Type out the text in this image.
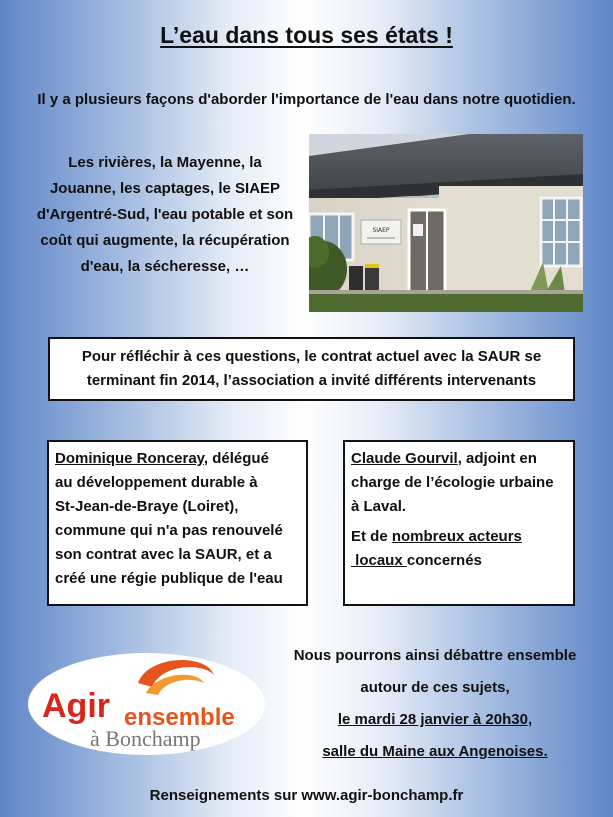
L’eau dans tous ses états !
Il y a plusieurs façons d'aborder l'importance de l'eau dans notre quotidien.
Les rivières, la Mayenne, la
Jouanne, les captages, le SIAEP
d'Argentré-Sud, l'eau potable et son
coût qui augmente, la récupération
d'eau, la sécheresse, …
SIAEP
Pour réfléchir à ces questions, le contrat actuel avec la SAUR se
terminant fin 2014, l’association a invité différents intervenants
Dominique Ronceray, délégué
au développement durable à
St-Jean-de-Braye (Loiret),
commune qui n'a pas renouvelé
son contrat avec la SAUR, et a
créé une régie publique de l'eau
Claude Gourvil, adjoint en
charge de l’écologie urbaine
à Laval.
Et de nombreux acteurs
locaux concernés
Nous pourrons ainsi débattre ensemble
autour de ces sujets,
le mardi 28 janvier à 20h30,
salle du Maine aux Angenoises.
Agir ensemble
à Bonchamp
Renseignements sur www.agir-bonchamp.fr
